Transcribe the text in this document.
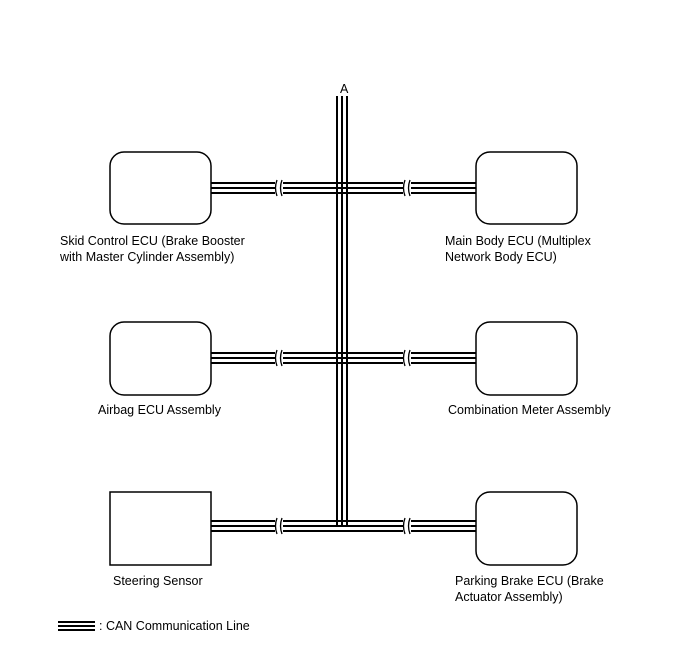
A
Skid Control ECU (Brake Booster
with Master Cylinder Assembly)
Main Body ECU (Multiplex
Network Body ECU)
Airbag ECU Assembly	Combination Meter Assembly
Steering Sensor	Parking Brake ECU (Brake
Actuator Assembly)
: CAN Communication Line
